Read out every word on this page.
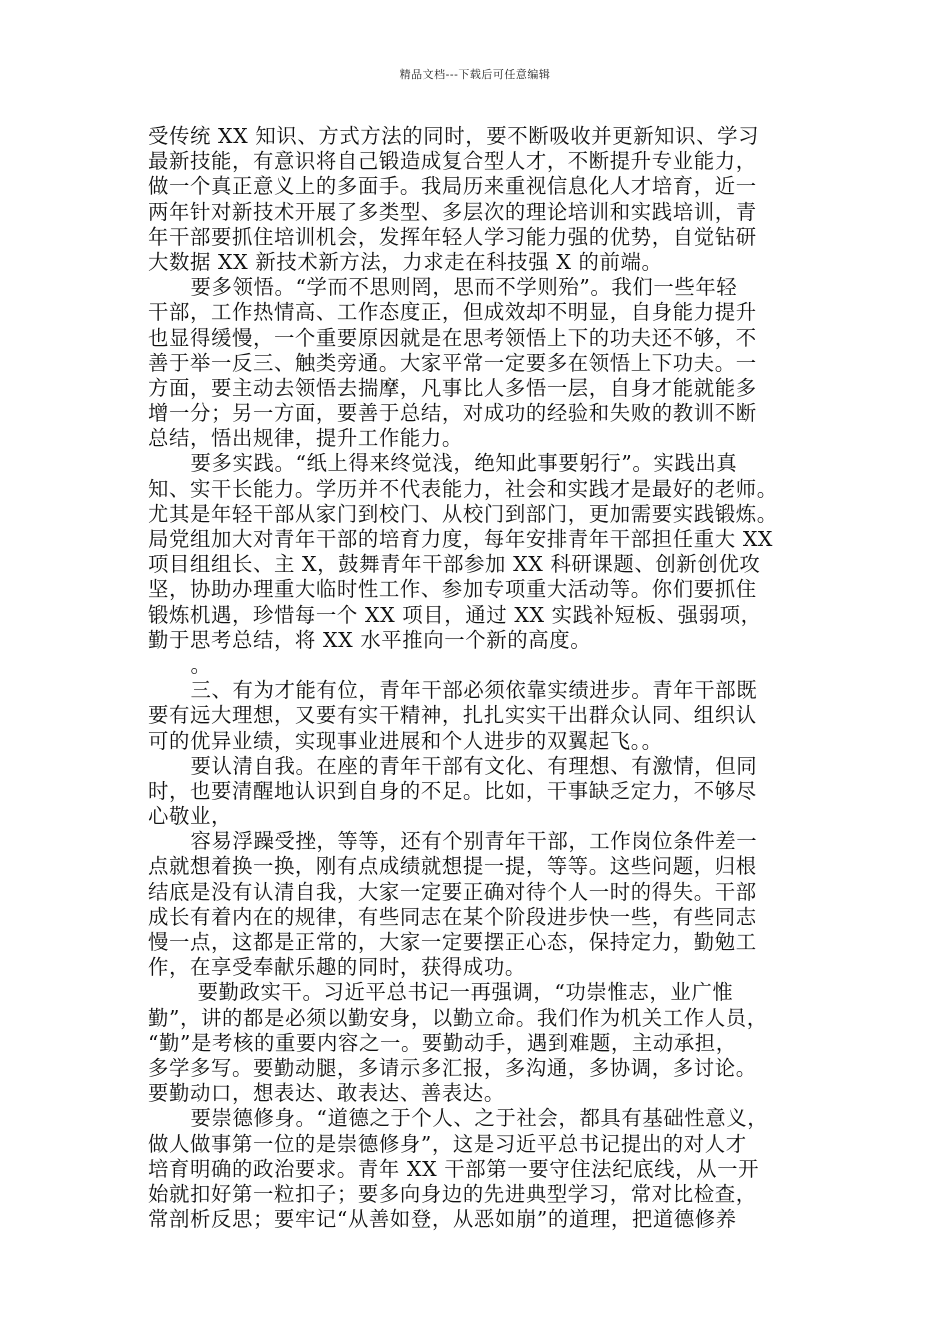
精品文档---下载后可任意编辑
受传统 XX 知识、方式方法的同时，要不断吸收并更新知识、学习
最新技能，有意识将自己锻造成复合型人才，不断提升专业能力，
做一个真正意义上的多面手。我局历来重视信息化人才培育，近一
两年针对新技术开展了多类型、多层次的理论培训和实践培训，青
年干部要抓住培训机会，发挥年轻人学习能力强的优势，自觉钻研
大数据 XX 新技术新方法，力求走在科技强 X 的前端。
要多领悟。“学而不思则罔，思而不学则殆”。我们一些年轻
干部，工作热情高、工作态度正，但成效却不明显，自身能力提升
也显得缓慢，一个重要原因就是在思考领悟上下的功夫还不够，不
善于举一反三、触类旁通。大家平常一定要多在领悟上下功夫。一
方面，要主动去领悟去揣摩，凡事比人多悟一层，自身才能就能多
增一分；另一方面，要善于总结，对成功的经验和失败的教训不断
总结，悟出规律，提升工作能力。
要多实践。“纸上得来终觉浅，绝知此事要躬行”。实践出真
知、实干长能力。学历并不代表能力，社会和实践才是最好的老师。
尤其是年轻干部从家门到校门、从校门到部门，更加需要实践锻炼。
局党组加大对青年干部的培育力度，每年安排青年干部担任重大 XX
项目组组长、主 X，鼓舞青年干部参加 XX 科研课题、创新创优攻
坚，协助办理重大临时性工作、参加专项重大活动等。你们要抓住
锻炼机遇，珍惜每一个 XX 项目，通过 XX 实践补短板、强弱项，
勤于思考总结，将 XX 水平推向一个新的高度。
。
三、有为才能有位，青年干部必须依靠实绩进步。青年干部既
要有远大理想，又要有实干精神，扎扎实实干出群众认同、组织认
可的优异业绩，实现事业进展和个人进步的双翼起飞。。
要认清自我。在座的青年干部有文化、有理想、有激情，但同
时，也要清醒地认识到自身的不足。比如，干事缺乏定力，不够尽
心敬业，
容易浮躁受挫，等等，还有个别青年干部，工作岗位条件差一
点就想着换一换，刚有点成绩就想提一提，等等。这些问题，归根
结底是没有认清自我，大家一定要正确对待个人一时的得失。干部
成长有着内在的规律，有些同志在某个阶段进步快一些，有些同志
慢一点，这都是正常的，大家一定要摆正心态，保持定力，勤勉工
作，在享受奉献乐趣的同时，获得成功。
要勤政实干。习近平总书记一再强调，“功崇惟志，业广惟
勤”，讲的都是必须以勤安身，以勤立命。我们作为机关工作人员，
“勤”是考核的重要内容之一。要勤动手，遇到难题，主动承担，
多学多写。要勤动腿，多请示多汇报，多沟通，多协调，多讨论。
要勤动口，想表达、敢表达、善表达。
要崇德修身。“道德之于个人、之于社会，都具有基础性意义，
做人做事第一位的是崇德修身”，这是习近平总书记提出的对人才
培育明确的政治要求。青年 XX 干部第一要守住法纪底线，从一开
始就扣好第一粒扣子；要多向身边的先进典型学习，常对比检查，
常剖析反思；要牢记“从善如登，从恶如崩”的道理，把道德修养
